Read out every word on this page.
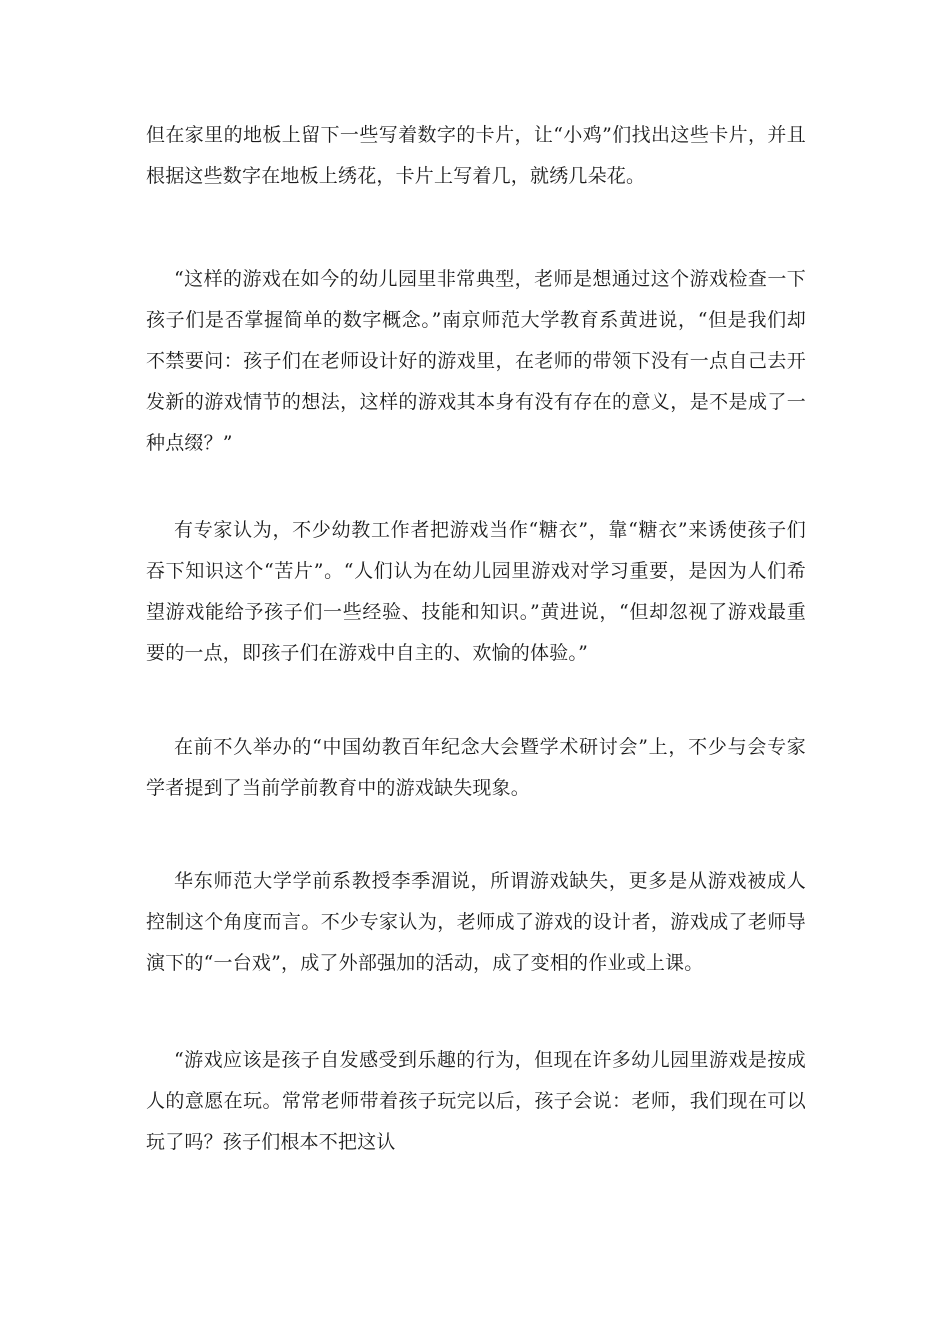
但在家里的地板上留下一些写着数字的卡片，让“小鸡”们找出这些卡片，并且根据这些数字在地板上绣花，卡片上写着几，就绣几朵花。

“这样的游戏在如今的幼儿园里非常典型，老师是想通过这个游戏检查一下孩子们是否掌握简单的数字概念。”南京师范大学教育系黄进说，“但是我们却不禁要问：孩子们在老师设计好的游戏里，在老师的带领下没有一点自己去开发新的游戏情节的想法，这样的游戏其本身有没有存在的意义，是不是成了一种点缀？”

有专家认为，不少幼教工作者把游戏当作“糖衣”，靠“糖衣”来诱使孩子们吞下知识这个“苦片”。“人们认为在幼儿园里游戏对学习重要，是因为人们希望游戏能给予孩子们一些经验、技能和知识。”黄进说，“但却忽视了游戏最重要的一点，即孩子们在游戏中自主的、欢愉的体验。”

在前不久举办的“中国幼教百年纪念大会暨学术研讨会”上，不少与会专家学者提到了当前学前教育中的游戏缺失现象。

华东师范大学学前系教授李季湄说，所谓游戏缺失，更多是从游戏被成人控制这个角度而言。不少专家认为，老师成了游戏的设计者，游戏成了老师导演下的“一台戏”，成了外部强加的活动，成了变相的作业或上课。

“游戏应该是孩子自发感受到乐趣的行为，但现在许多幼儿园里游戏是按成人的意愿在玩。常常老师带着孩子玩完以后，孩子会说：老师，我们现在可以玩了吗？孩子们根本不把这认
